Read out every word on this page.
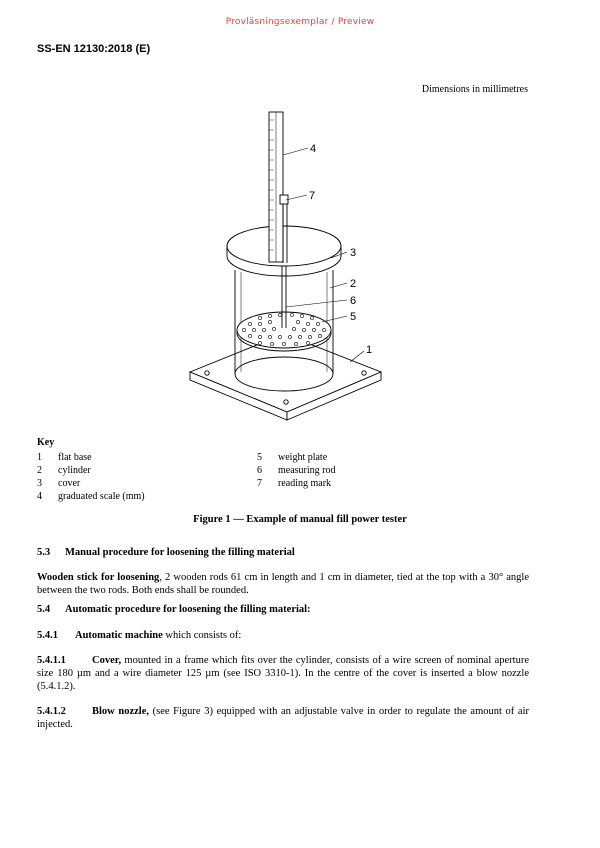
Provläsningsexemplar / Preview
SS-EN 12130:2018 (E)
Dimensions in millimetres
4
7
3
2
6
5
1
Key
1 flat base
2 cylinder
3 cover
4 graduated scale (mm)
5 weight plate
6 measuring rod
7 reading mark
Figure 1 — Example of manual fill power tester
5.3 Manual procedure for loosening the filling material
Wooden stick for loosening, 2 wooden rods 61 cm in length and 1 cm in diameter, tied at the top with a 30° angle between the two rods. Both ends shall be rounded.
5.4 Automatic procedure for loosening the filling material:
5.4.1 Automatic machine which consists of:
5.4.1.1 Cover, mounted in a frame which fits over the cylinder, consists of a wire screen of nominal aperture size 180 µm and a wire diameter 125 µm (see ISO 3310-1). In the centre of the cover is inserted a blow nozzle (5.4.1.2).
5.4.1.2 Blow nozzle, (see Figure 3) equipped with an adjustable valve in order to regulate the amount of air injected.
